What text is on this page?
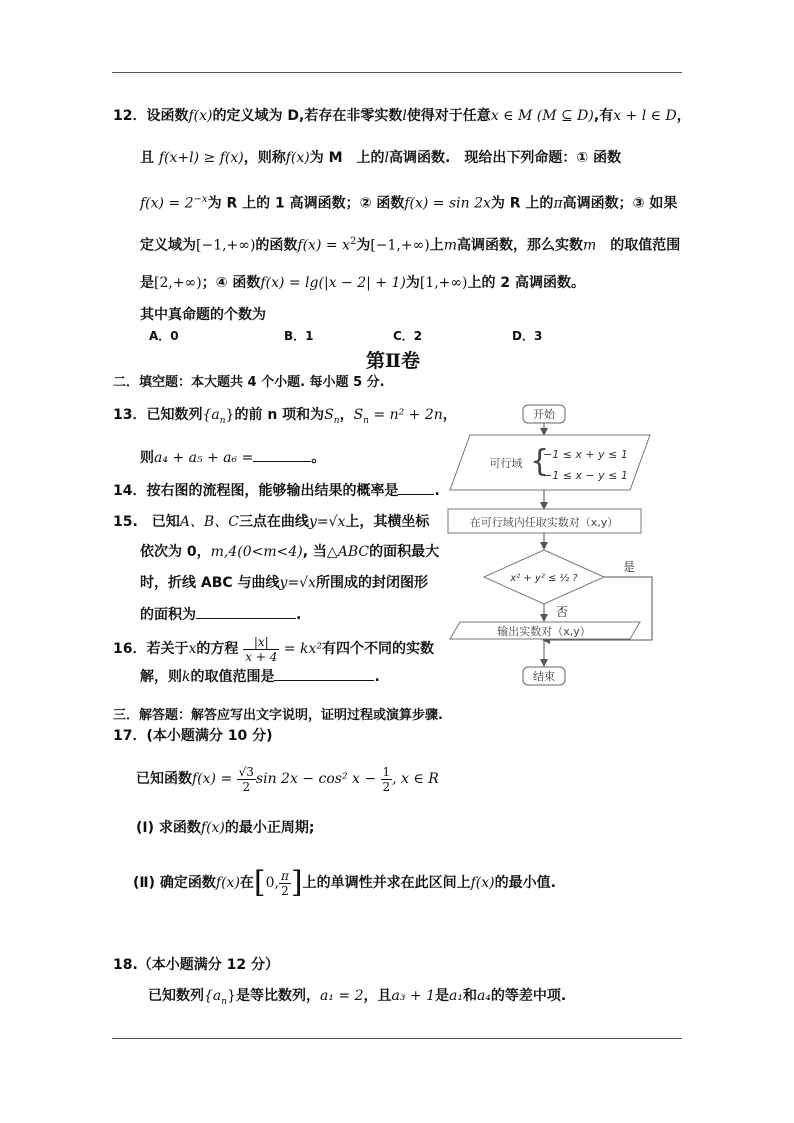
12．设函数f(x)的定义域为 D,若存在非零实数l使得对于任意x ∈ M (M ⊆ D),有x + l ∈ D，
且 f(x+l) ≥ f(x)，则称f(x)为 M　上的l高调函数.　现给出下列命题：① 函数
$f(x) = 2^{-x}$为 R 上的 1 高调函数；② 函数f(x) = sin 2x为 R 上的π高调函数；③ 如果
定义域为[−1,+∞)的函数$f(x) = x^2$为[−1,+∞)上m高调函数，那么实数m　的取值范围
是[2,+∞)；④ 函数f(x) = lg(|x − 2| + 1)为[1,+∞)上的 2 高调函数。
其中真命题的个数为
A．0	B．1	C．2	D．3
第Ⅱ卷
二．填空题：本大题共 4 个小题. 每小题 5 分.
13．已知数列$\{a_n\}$的前 n 项和为$S_n$，$S_n = n^2 + 2n$，
则a₄ + a₅ + a₆ =	。
14．按右图的流程图，能够输出结果的概率是	.
15.　已知A、B、C三点在曲线y=√x上，其横坐标
依次为 0，m,4(0<m<4), 当△ABC的面积最大
时，折线 ABC 与曲线y=√x所围成的封闭图形
的面积为	.
16．若关于x的方程 $\frac{|x|}{x + 4} = kx^2$有四个不同的实数
解，则k的取值范围是	.
三．解答题：解答应写出文字说明，证明过程或演算步骤.
17．(本小题满分 10 分)
已知函数$f(x) = \frac{√3}{2}$ sin 2x − cos² $x - \frac{1}{2}$ , x ∈ R
(Ⅰ) 求函数f(x)的最小正周期;
(Ⅱ) 确定函数f(x)在[0, $\frac{\pi}{2}$ ]上的单调性并求在此区间上f(x)的最小值.
18.（本小题满分 12 分）
已知数列$\{a_n\}$是等比数列，a₁ = 2，且a₃ + 1是a₁和a₄的等差中项.
开始
可行域 {
−1 ≤ x + y ≤ 1
−1 ≤ x − y ≤ 1
在可行域内任取实数对（x,y）
x² + y² ≤ ½ ?
是
否
输出实数对（x,y）
结束
